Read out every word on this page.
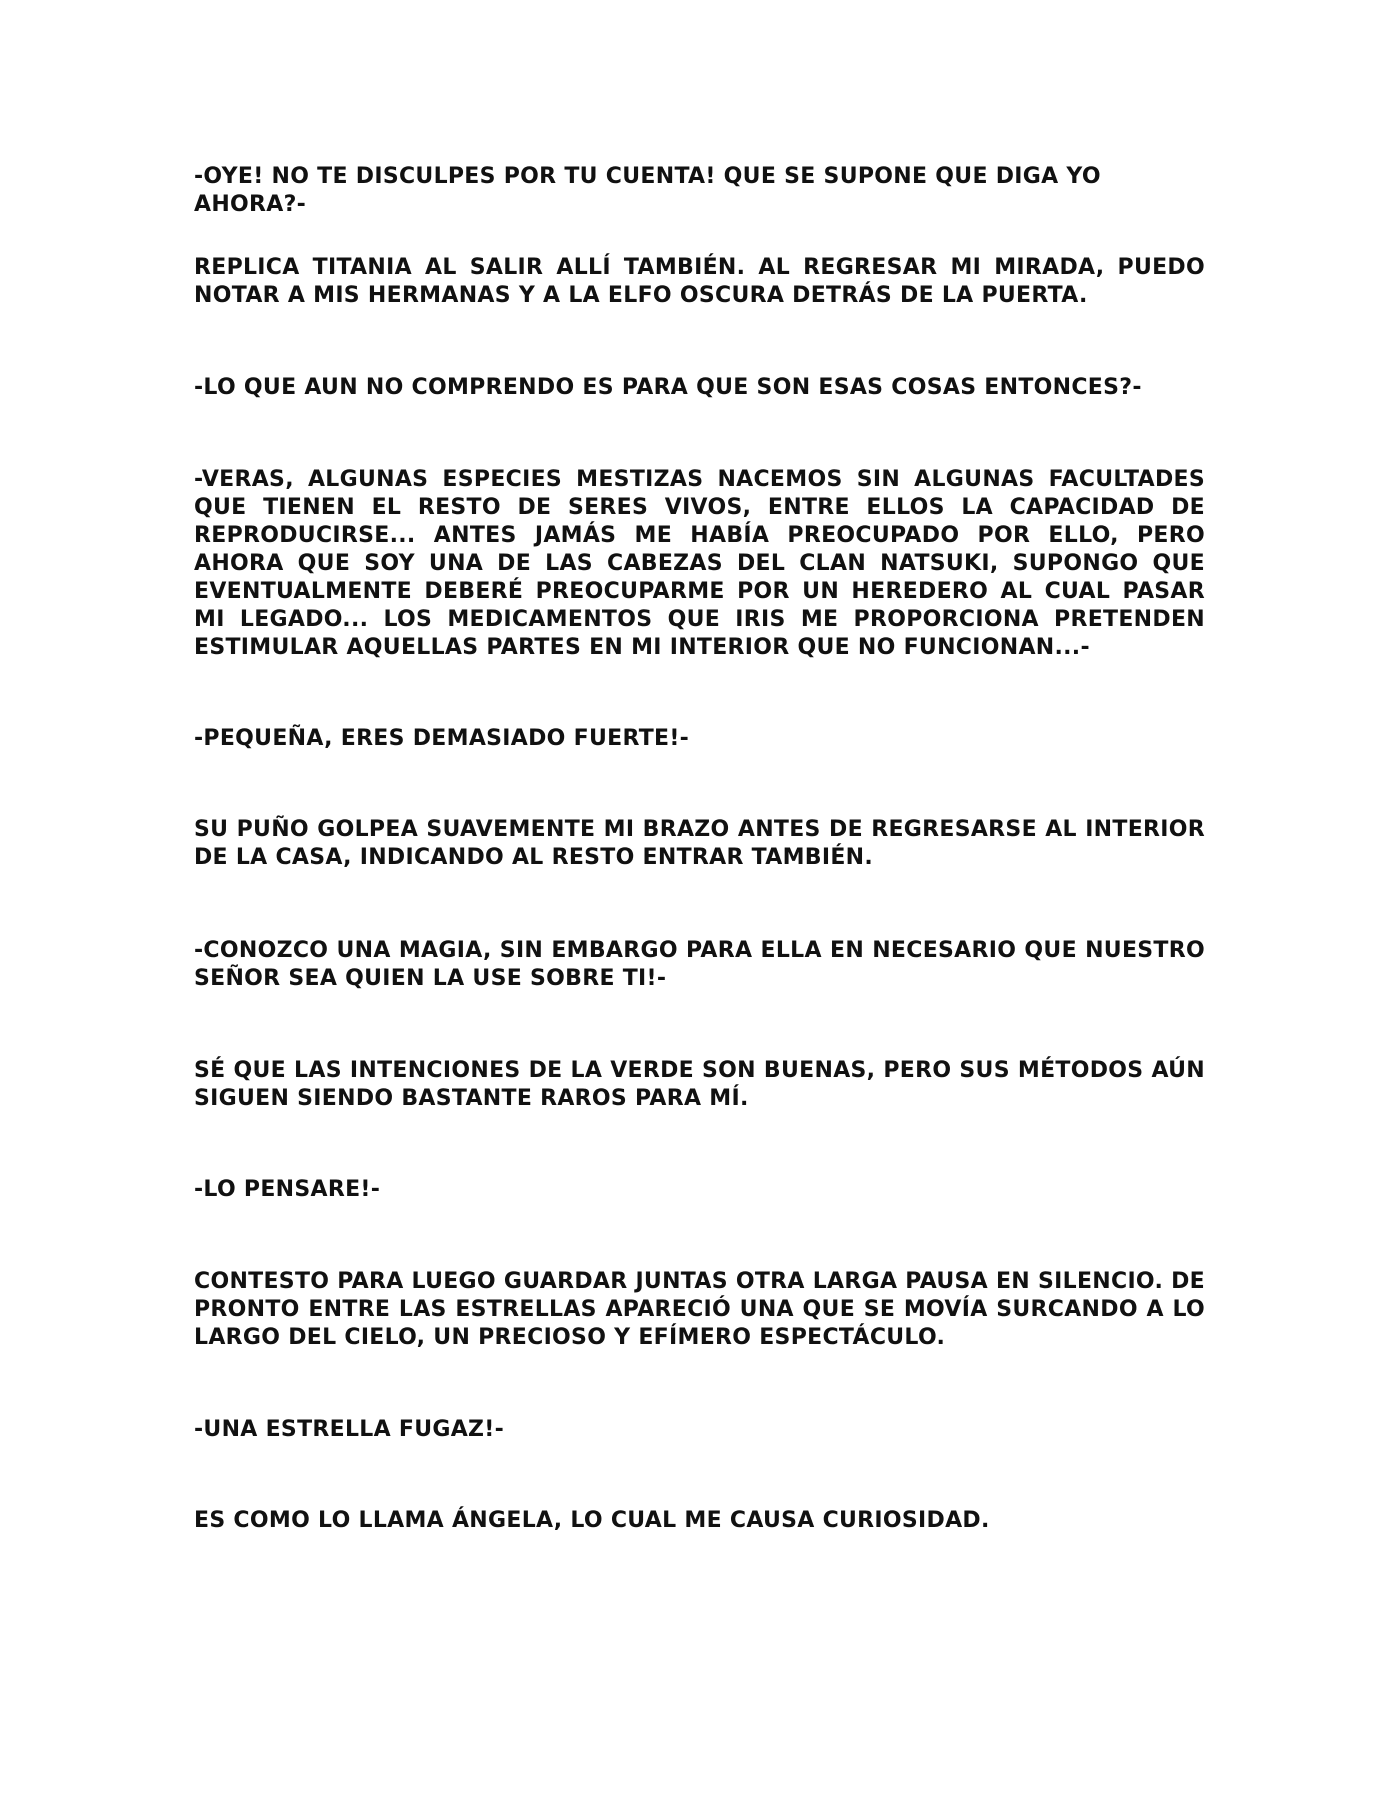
-OYE! NO TE DISCULPES POR TU CUENTA! QUE SE SUPONE QUE DIGA YO AHORA?-

REPLICA TITANIA AL SALIR ALLÍ TAMBIÉN. AL REGRESAR MI MIRADA, PUEDO NOTAR A MIS HERMANAS Y A LA ELFO OSCURA DETRÁS DE LA PUERTA.

-LO QUE AUN NO COMPRENDO ES PARA QUE SON ESAS COSAS ENTONCES?-

-VERAS, ALGUNAS ESPECIES MESTIZAS NACEMOS SIN ALGUNAS FACULTADES QUE TIENEN EL RESTO DE SERES VIVOS, ENTRE ELLOS LA CAPACIDAD DE REPRODUCIRSE... ANTES JAMÁS ME HABÍA PREOCUPADO POR ELLO, PERO AHORA QUE SOY UNA DE LAS CABEZAS DEL CLAN NATSUKI, SUPONGO QUE EVENTUALMENTE DEBERÉ PREOCUPARME POR UN HEREDERO AL CUAL PASAR MI LEGADO... LOS MEDICAMENTOS QUE IRIS ME PROPORCIONA PRETENDEN ESTIMULAR AQUELLAS PARTES EN MI INTERIOR QUE NO FUNCIONAN...-

-PEQUEÑA, ERES DEMASIADO FUERTE!-

SU PUÑO GOLPEA SUAVEMENTE MI BRAZO ANTES DE REGRESARSE AL INTERIOR DE LA CASA, INDICANDO AL RESTO ENTRAR TAMBIÉN.

-CONOZCO UNA MAGIA, SIN EMBARGO PARA ELLA EN NECESARIO QUE NUESTRO SEÑOR SEA QUIEN LA USE SOBRE TI!-

SÉ QUE LAS INTENCIONES DE LA VERDE SON BUENAS, PERO SUS MÉTODOS AÚN SIGUEN SIENDO BASTANTE RAROS PARA MÍ.

-LO PENSARE!-

CONTESTO PARA LUEGO GUARDAR JUNTAS OTRA LARGA PAUSA EN SILENCIO. DE PRONTO ENTRE LAS ESTRELLAS APARECIÓ UNA QUE SE MOVÍA SURCANDO A LO LARGO DEL CIELO, UN PRECIOSO Y EFÍMERO ESPECTÁCULO.

-UNA ESTRELLA FUGAZ!-

ES COMO LO LLAMA ÁNGELA, LO CUAL ME CAUSA CURIOSIDAD.
